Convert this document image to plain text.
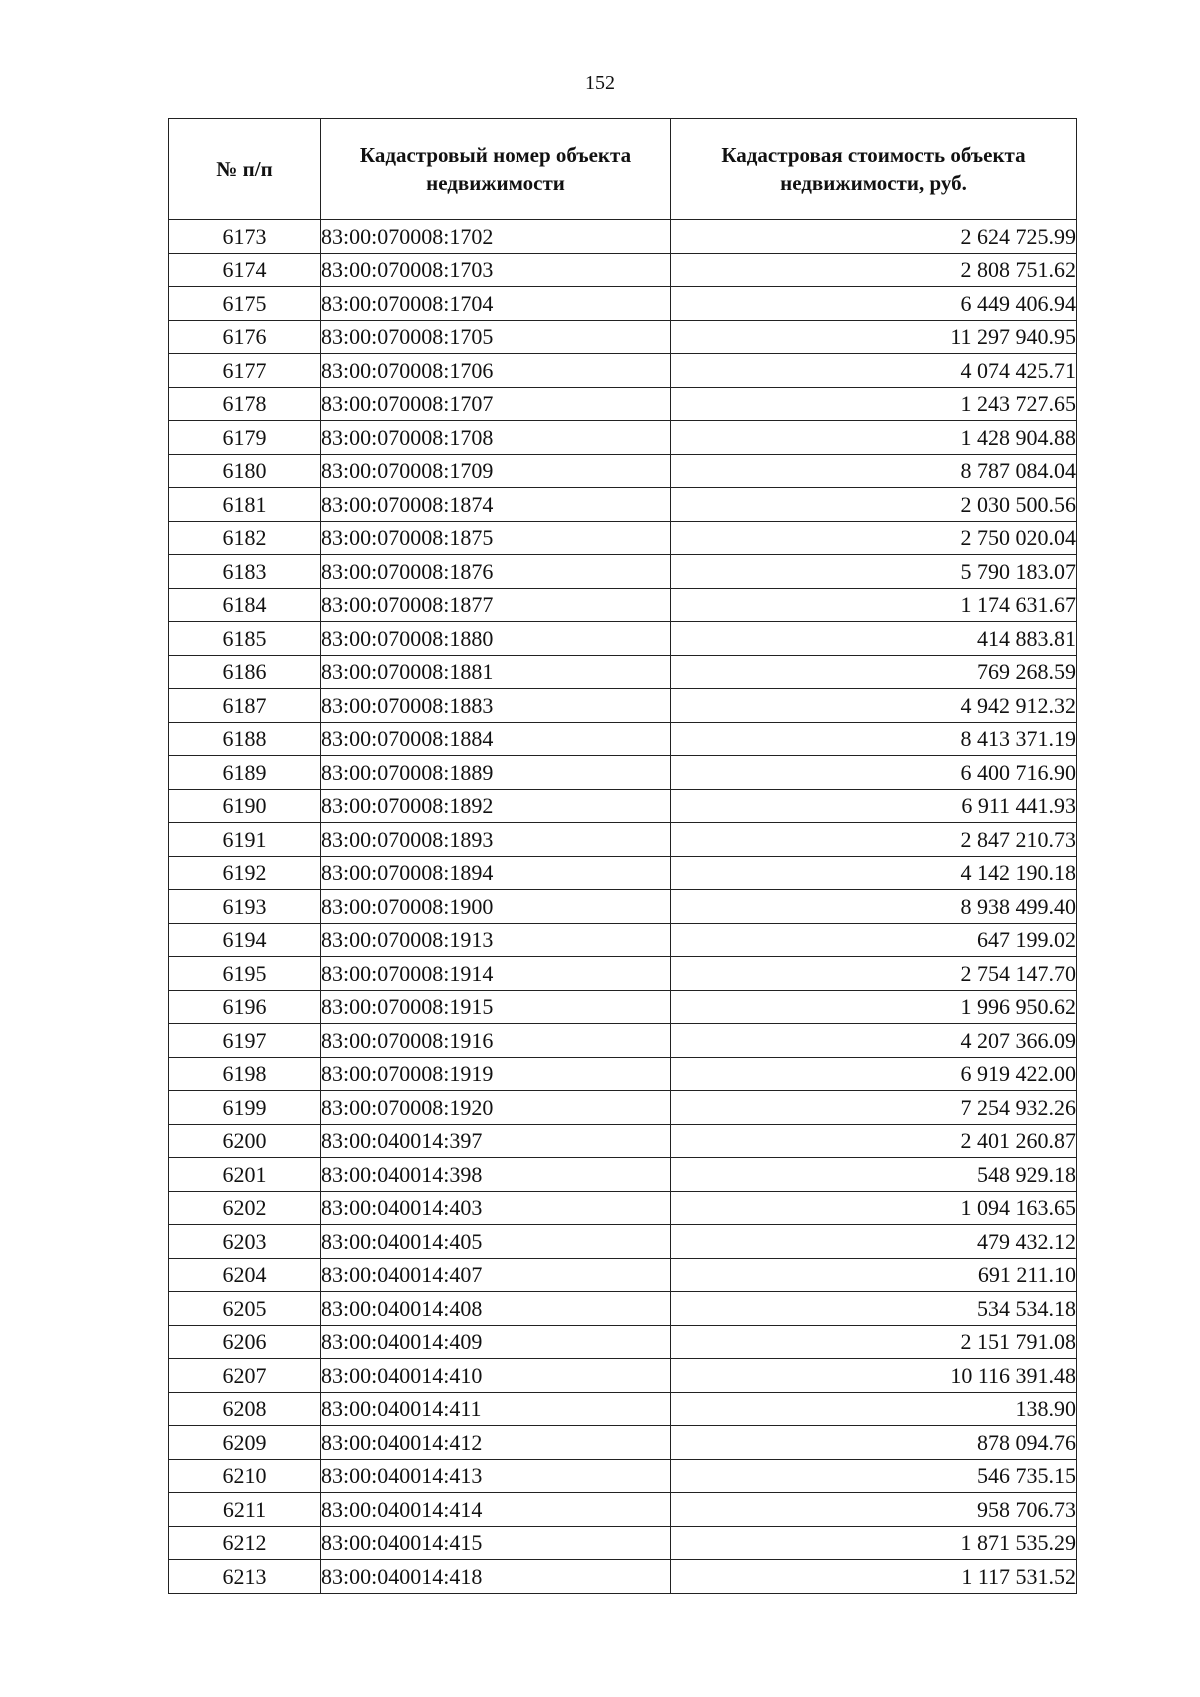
152
№ п/п	Кадастровый номер объекта недвижимости	Кадастровая стоимость объекта недвижимости, руб.
6173	83:00:070008:1702	2 624 725.99
6174	83:00:070008:1703	2 808 751.62
6175	83:00:070008:1704	6 449 406.94
6176	83:00:070008:1705	11 297 940.95
6177	83:00:070008:1706	4 074 425.71
6178	83:00:070008:1707	1 243 727.65
6179	83:00:070008:1708	1 428 904.88
6180	83:00:070008:1709	8 787 084.04
6181	83:00:070008:1874	2 030 500.56
6182	83:00:070008:1875	2 750 020.04
6183	83:00:070008:1876	5 790 183.07
6184	83:00:070008:1877	1 174 631.67
6185	83:00:070008:1880	414 883.81
6186	83:00:070008:1881	769 268.59
6187	83:00:070008:1883	4 942 912.32
6188	83:00:070008:1884	8 413 371.19
6189	83:00:070008:1889	6 400 716.90
6190	83:00:070008:1892	6 911 441.93
6191	83:00:070008:1893	2 847 210.73
6192	83:00:070008:1894	4 142 190.18
6193	83:00:070008:1900	8 938 499.40
6194	83:00:070008:1913	647 199.02
6195	83:00:070008:1914	2 754 147.70
6196	83:00:070008:1915	1 996 950.62
6197	83:00:070008:1916	4 207 366.09
6198	83:00:070008:1919	6 919 422.00
6199	83:00:070008:1920	7 254 932.26
6200	83:00:040014:397	2 401 260.87
6201	83:00:040014:398	548 929.18
6202	83:00:040014:403	1 094 163.65
6203	83:00:040014:405	479 432.12
6204	83:00:040014:407	691 211.10
6205	83:00:040014:408	534 534.18
6206	83:00:040014:409	2 151 791.08
6207	83:00:040014:410	10 116 391.48
6208	83:00:040014:411	138.90
6209	83:00:040014:412	878 094.76
6210	83:00:040014:413	546 735.15
6211	83:00:040014:414	958 706.73
6212	83:00:040014:415	1 871 535.29
6213	83:00:040014:418	1 117 531.52
